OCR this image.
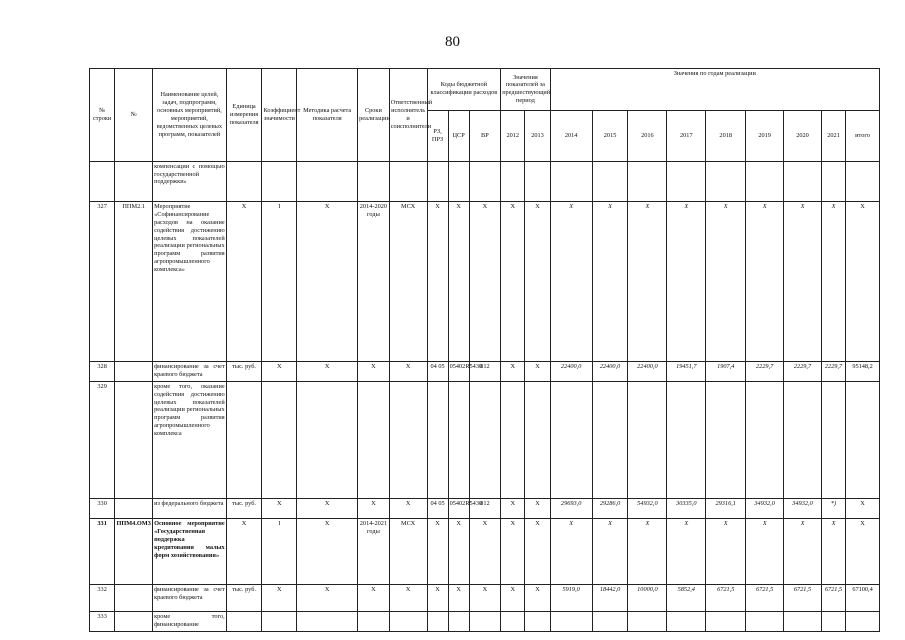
80
№ строки	№	Наименование целей, задач, подпрограмм, основных мероприятий, мероприятий, ведомственных целевых программ, показателей	Единица измерения показателя	Коэффициент значимости	Методика расчета показателя	Сроки реализации	Ответственный исполнитель и соисполнители	Коды бюджетной классификации расходов			Значения показателей за предшествующий период		Значения по годам реализации								
								РЗ, ПРЗ	ЦСР	ВР	2012	2013	2014	2015	2016	2017	2018	2019	2020	2021	итого
		компенсации с помощью государственной поддержки»																			
327	ППМ2.1	Мероприятие «Софинансирование расходов на оказание содействия достижению целевых показателей реализации региональных программ развития агропромышленного комплекса»	Х	I	Х	2014-2020 годы	МСХ	Х	Х	Х	Х	Х	Х	Х	Х	Х	Х	Х	Х	Х	Х
328		финансирование за счет краевого бюджета	тыс. руб.	Х	Х	Х	Х	04 05	05402R5430	812	Х	Х	22400,0	22400,0	22400,0	19451,7	1907,4	2229,7	2229,7	2229,7	95148,2
329		кроме того, оказание содействия достижению целевых показателей реализации региональных программ развития агропромышленного комплекса																			
330		из федерального бюджета	тыс. руб.	Х	Х	Х	Х	04 05	05402R5430	812	Х	Х	29693,0	29286,0	54932,0	30335,0	29316,1	34932,0	34932,0	*)	Х
331	ППМ4.ОМ3	Основное мероприятие «Государственная поддержка кредитования малых форм хозяйствования»	Х	I	Х	2014-2021 годы	МСХ	Х	Х	Х	Х	Х	Х	Х	Х	Х	Х	Х	Х	Х	Х
332		финансирование за счет краевого бюджета	тыс. руб.	Х	Х	Х	Х	Х	Х	Х	Х	Х	5919,0	18442,0	10000,0	5852,4	6721,5	6721,5	6721,5	6721,5	67100,4
333		кроме того, финансирование																			
